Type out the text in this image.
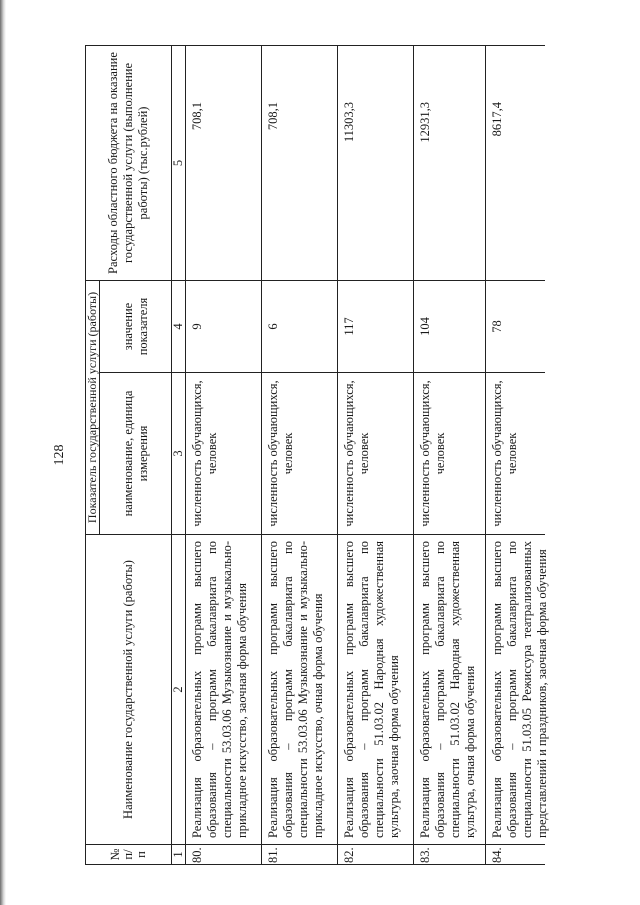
128
№ п/п
Наименование государственной услуги (работы)
Показатель государственной услуги (работы)	наименование, единица измерения
значение показателя
Расходы областного бюджета на оказание государственной услуги (выполнение работы) (тыс.рублей)
1
2
3
4
5
80.
Реализация образовательных программ высшего образования – программ бакалавриата по специальности 53.03.06 Музыкознание и музыкально-прикладное искусство, заочная форма обучения
численность обучающихся, человек
9
708,1
81.
Реализация образовательных программ высшего образования – программ бакалавриата по специальности 53.03.06 Музыкознание и музыкально-прикладное искусство, очная форма обучения
численность обучающихся, человек
6
708,1
82.
Реализация образовательных программ высшего образования – программ бакалавриата по специальности 51.03.02 Народная художественная культура, заочная форма обучения
численность обучающихся, человек
117
11303,3
83.
Реализация образовательных программ высшего образования – программ бакалавриата по специальности 51.03.02 Народная художественная культура, очная форма обучения
численность обучающихся, человек
104
12931,3
84.
Реализация образовательных программ высшего образования – программ бакалавриата по специальности 51.03.05 Режиссура театрализованных представлений и праздников, заочная форма обучения
численность обучающихся, человек
78
8617,4
